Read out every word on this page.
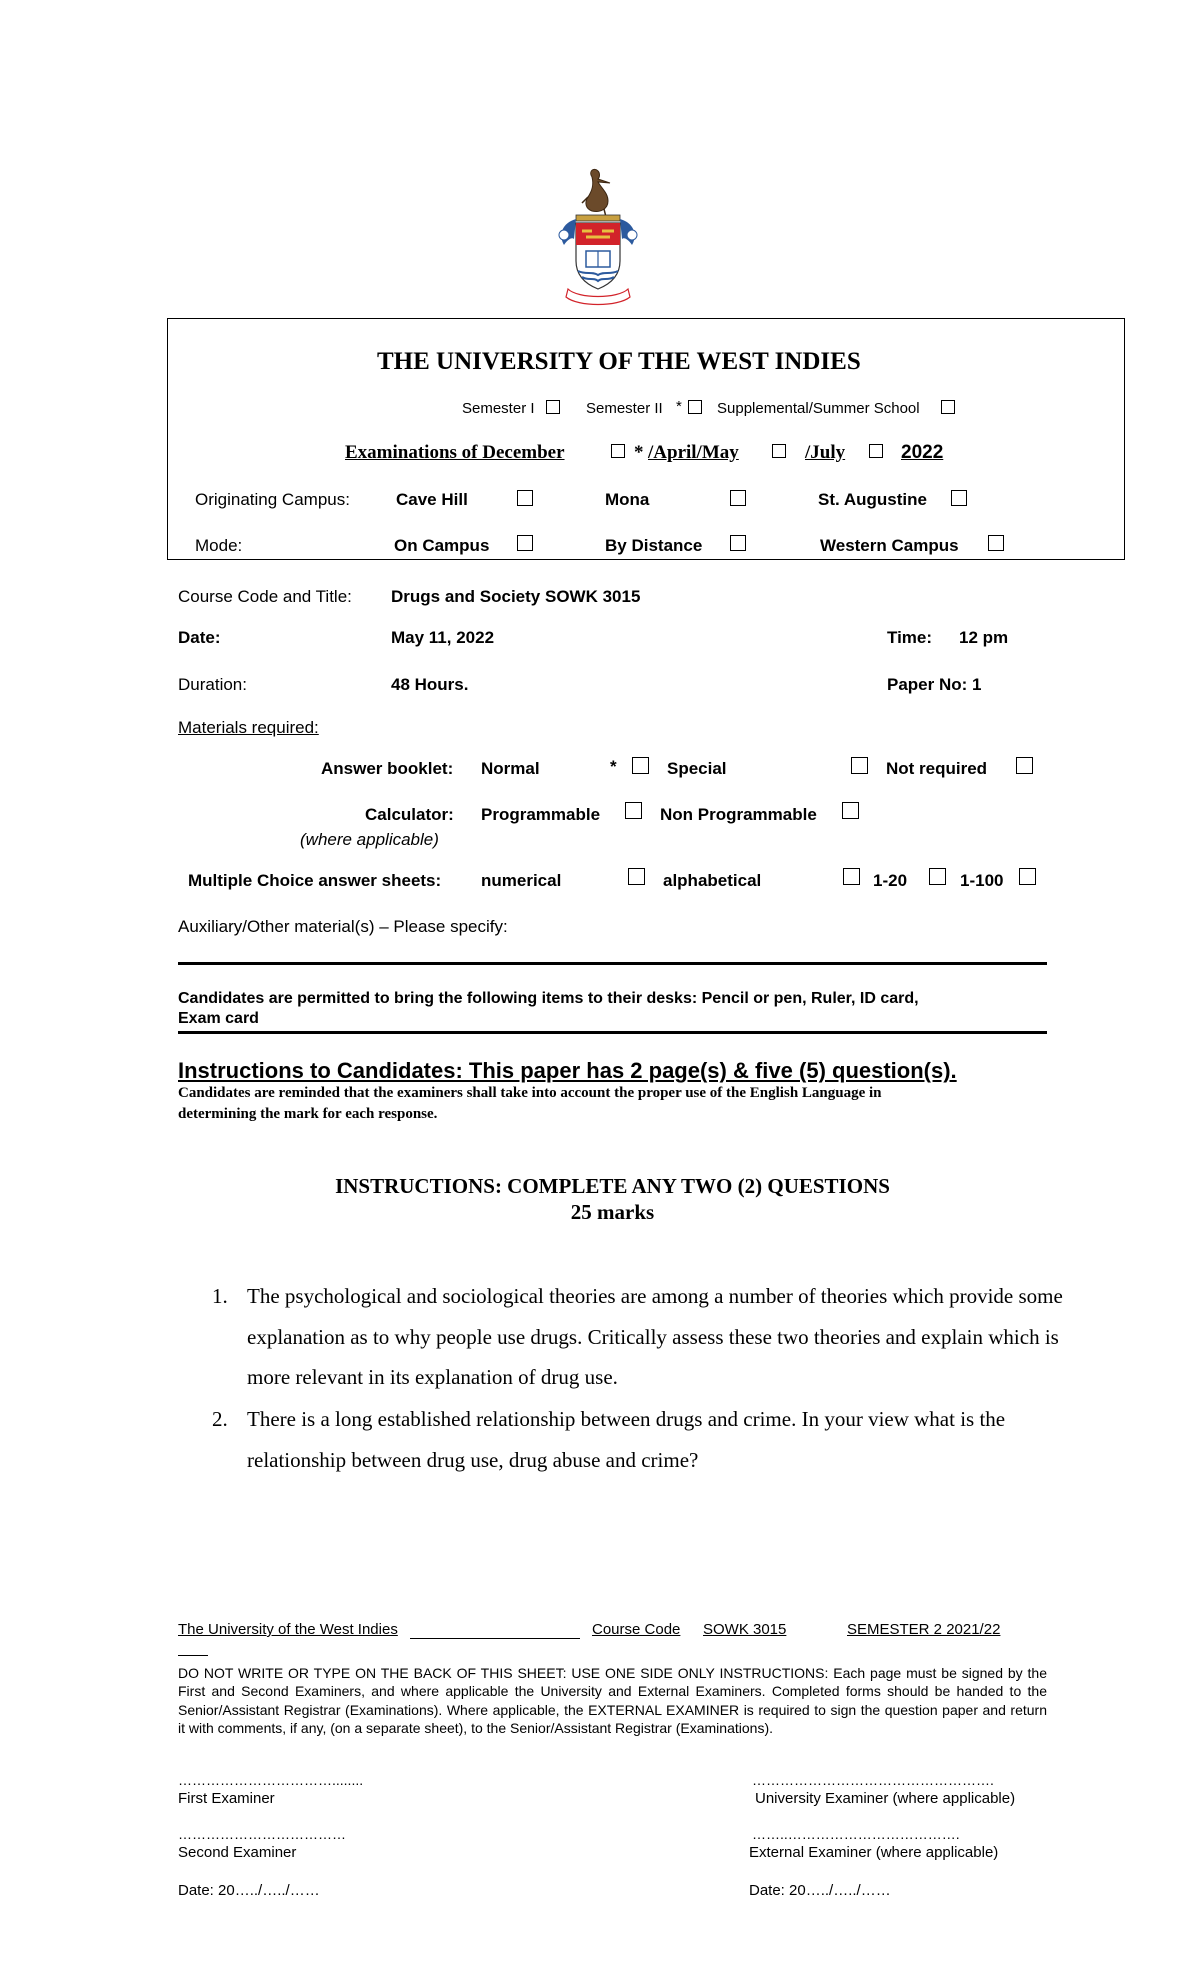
THE UNIVERSITY OF THE WEST INDIES
Semester I	Semester II * Supplemental/Summer School
Examinations of December	* /April/May	/July	2022
Originating Campus:	Cave Hill	Mona	St. Augustine
Mode:	On Campus	By Distance	Western Campus
Course Code and Title: Drugs and Society SOWK 3015
Date:	May 11, 2022	Time: 12 pm
Duration:	48 Hours.	Paper No: 1
Materials required:
Answer booklet: Normal	*	Special	Not required
Calculator: Programmable	Non Programmable
(where applicable)
Multiple Choice answer sheets: numerical	alphabetical	1-20	1-100
Auxiliary/Other material(s) – Please specify:
Candidates are permitted to bring the following items to their desks: Pencil or pen, Ruler, ID card,
Exam card
Instructions to Candidates: This paper has 2 page(s) & five (5) question(s).
Candidates are reminded that the examiners shall take into account the proper use of the English Language in
determining the mark for each response.
INSTRUCTIONS: COMPLETE ANY TWO (2) QUESTIONS
25 marks
1. The psychological and sociological theories are among a number of theories which provide some explanation as to why people use drugs. Critically assess these two theories and explain which is more relevant in its explanation of drug use.
2. There is a long established relationship between drugs and crime. In your view what is the relationship between drug use, drug abuse and crime?
The University of the West Indies	Course Code SOWK 3015	SEMESTER 2 2021/22
DO NOT WRITE OR TYPE ON THE BACK OF THIS SHEET: USE ONE SIDE ONLY INSTRUCTIONS: Each page must be signed by the First and Second Examiners, and where applicable the University and External Examiners. Completed forms should be handed to the Senior/Assistant Registrar (Examinations). Where applicable, the EXTERNAL EXAMINER is required to sign the question paper and return it with comments, if any, (on a separate sheet), to the Senior/Assistant Registrar (Examinations).
……………………………........
First Examiner
…………………………………………….
University Examiner (where applicable)
………………………………
Second Examiner
……..……………………………….
External Examiner (where applicable)
Date: 20…../…../……	Date: 20…../…../……
